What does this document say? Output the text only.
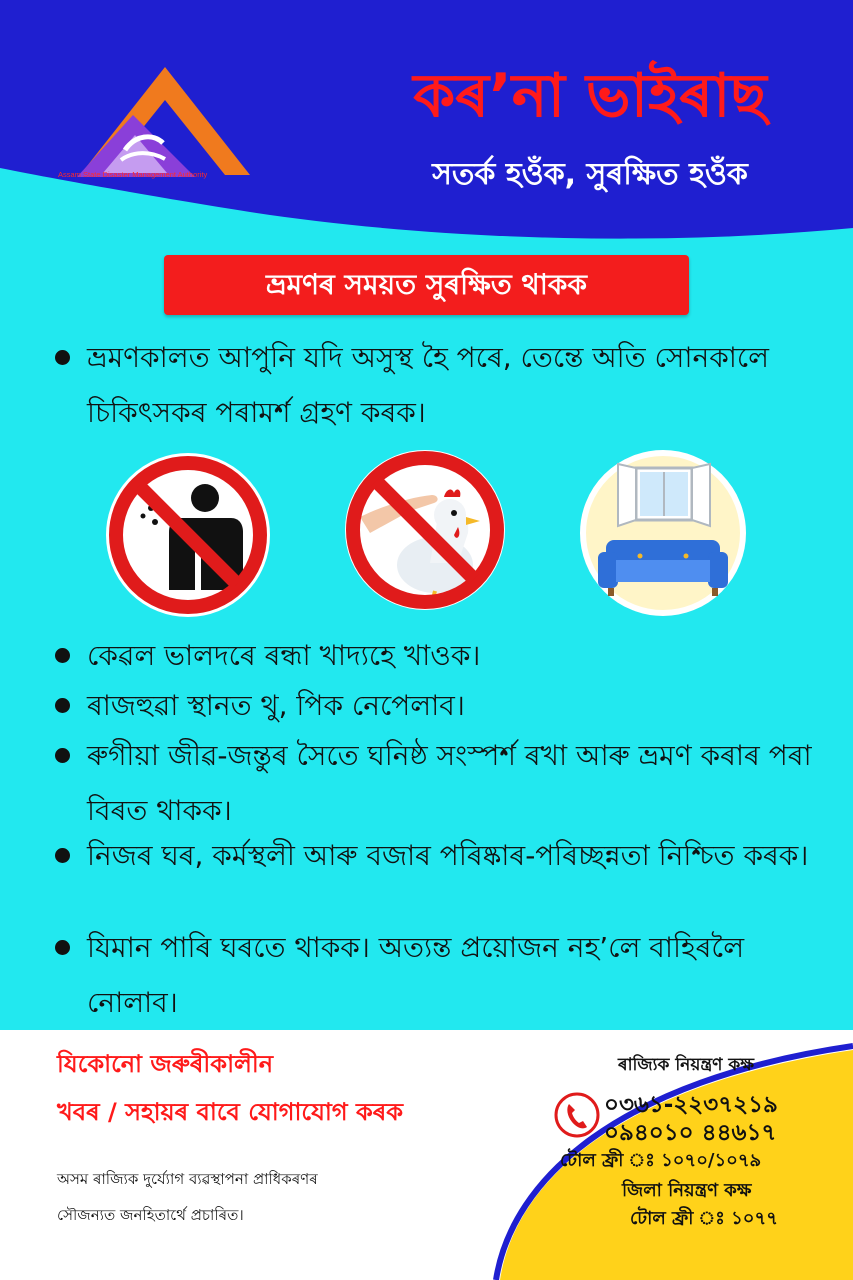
Assam State Disaster Management Authority
কৰ’না ভাইৰাছ
সতৰ্ক হওঁক, সুৰক্ষিত হওঁক
ভ্ৰমণৰ সময়ত সুৰক্ষিত থাকক
ভ্ৰমণকালত আপুনি যদি অসুস্থ হৈ পৰে, তেন্তে অতি সোনকালে চিকিৎসকৰ পৰামৰ্শ গ্ৰহণ কৰক।
কেৱল ভালদৰে ৰন্ধা খাদ্যহে খাওক।
ৰাজহুৱা স্থানত থু, পিক নেপেলাব।
ৰুগীয়া জীৱ-জন্তুৰ সৈতে ঘনিষ্ঠ সংস্পৰ্শ ৰখা আৰু ভ্ৰমণ কৰাৰ পৰা বিৰত থাকক।
নিজৰ ঘৰ, কৰ্মস্থলী আৰু বজাৰ পৰিষ্কাৰ-পৰিচ্ছন্নতা নিশ্চিত কৰক।
যিমান পাৰি ঘৰতে থাকক। অত্যন্ত প্ৰয়োজন নহ’লে বাহিৰলৈ নোলাব।
যিকোনো জৰুৰীকালীন
খবৰ / সহায়ৰ বাবে যোগাযোগ কৰক
অসম ৰাজ্যিক দুৰ্য্যোগ ব্যৱস্থাপনা প্ৰাধিকৰণৰ
সৌজন্যত জনহিতাৰ্থে প্ৰচাৰিত।
ৰাজ্যিক নিয়ন্ত্ৰণ কক্ষ
০৩৬১-২২৩৭২১৯
০৯৪০১০ ৪৪৬১৭
টোল ফ্ৰী ঃ ১০৭০/১০৭৯
জিলা নিয়ন্ত্ৰণ কক্ষ
টোল ফ্ৰী ঃ ১০৭৭
